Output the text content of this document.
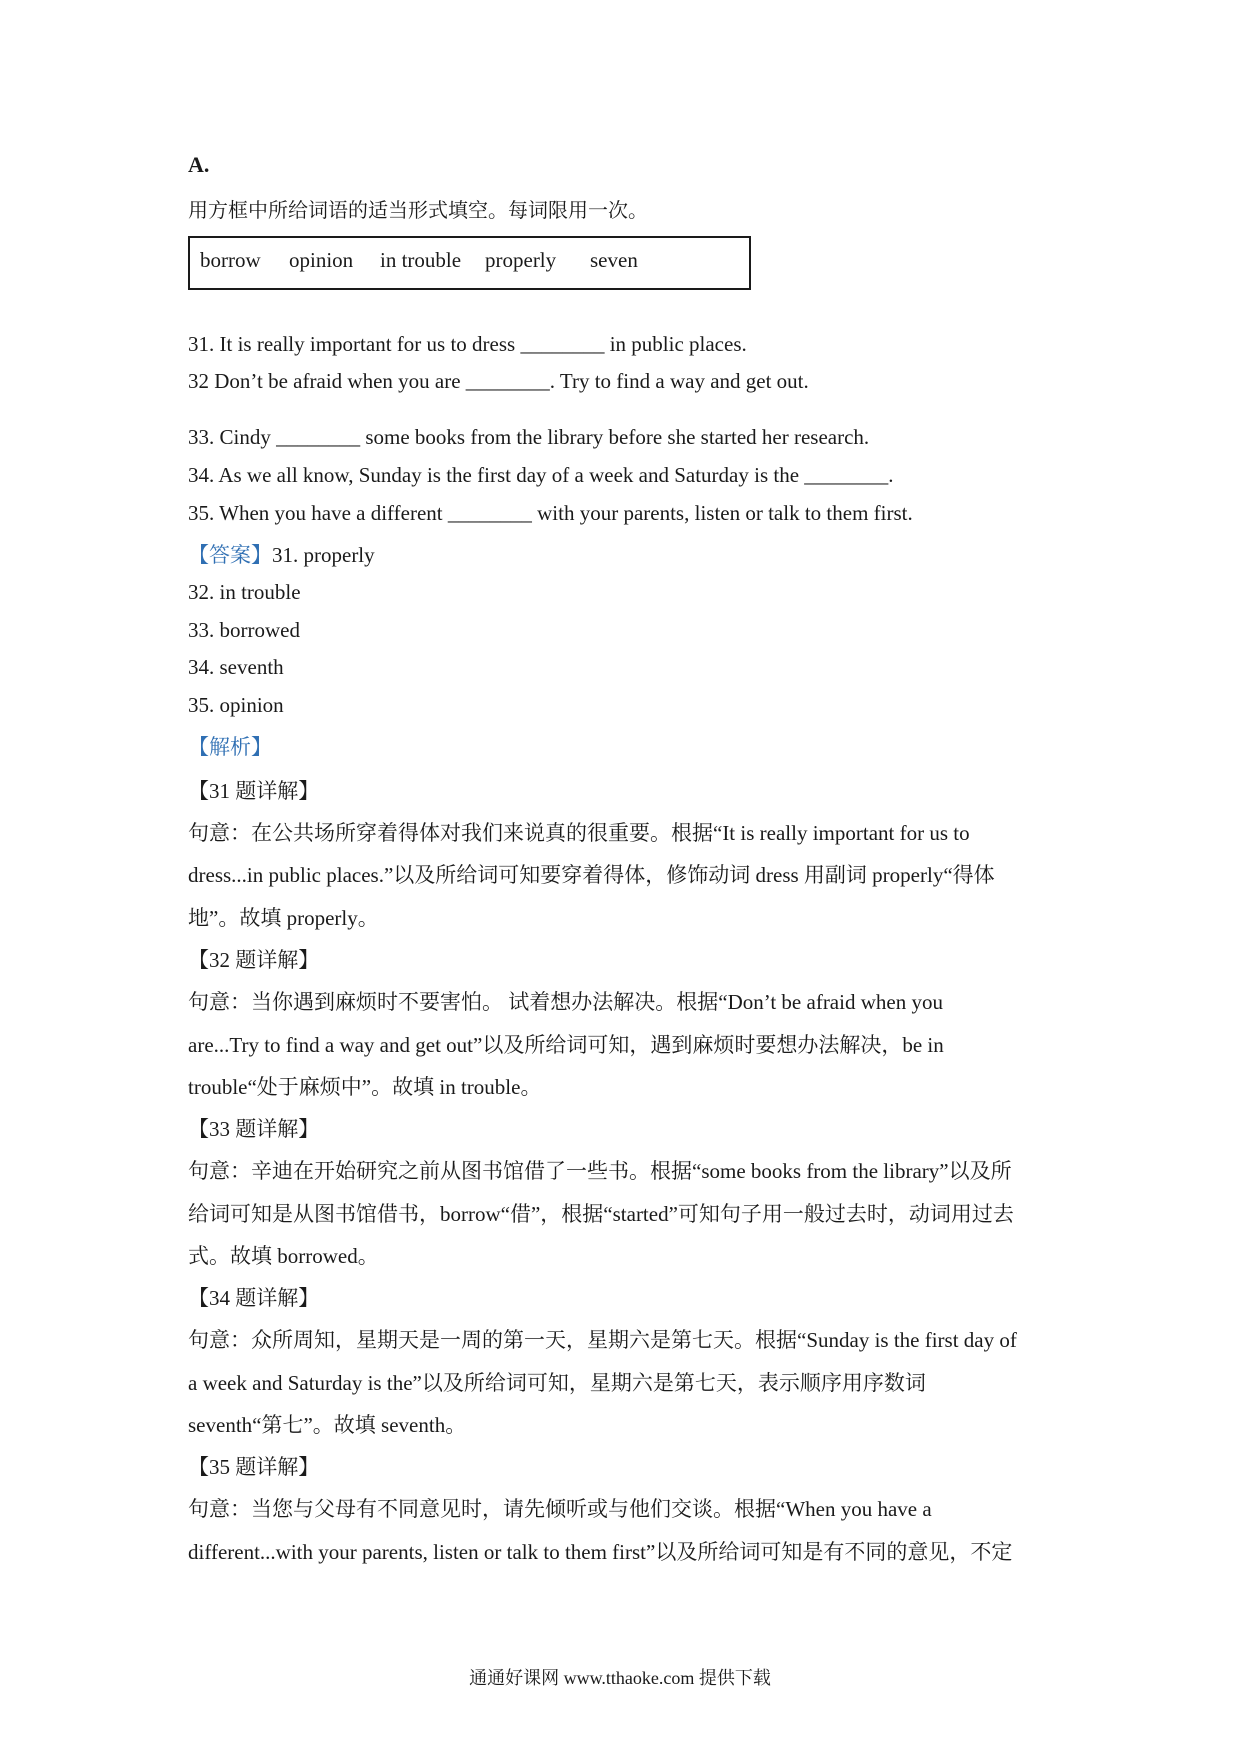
A.
用方框中所给词语的适当形式填空。每词限用一次。
borrow opinion in trouble properly seven
31. It is really important for us to dress ________ in public places.
32 Don’t be afraid when you are ________. Try to find a way and get out.
33. Cindy ________ some books from the library before she started her research.
34. As we all know, Sunday is the first day of a week and Saturday is the ________.
35. When you have a different ________ with your parents, listen or talk to them first.
【答案】31. properly
32. in trouble
33. borrowed
34. seventh
35. opinion
【解析】
【31 题详解】
句意：在公共场所穿着得体对我们来说真的很重要。根据“It is really important for us to
dress...in public places.”以及所给词可知要穿着得体，修饰动词 dress 用副词 properly“得体
地”。故填 properly。
【32 题详解】
句意：当你遇到麻烦时不要害怕。 试着想办法解决。根据“Don’t be afraid when you
are...Try to find a way and get out”以及所给词可知，遇到麻烦时要想办法解决，be in
trouble“处于麻烦中”。故填 in trouble。
【33 题详解】
句意：辛迪在开始研究之前从图书馆借了一些书。根据“some books from the library”以及所
给词可知是从图书馆借书，borrow“借”，根据“started”可知句子用一般过去时，动词用过去
式。故填 borrowed。
【34 题详解】
句意：众所周知，星期天是一周的第一天，星期六是第七天。根据“Sunday is the first day of
a week and Saturday is the”以及所给词可知，星期六是第七天，表示顺序用序数词
seventh“第七”。故填 seventh。
【35 题详解】
句意：当您与父母有不同意见时，请先倾听或与他们交谈。根据“When you have a
different...with your parents, listen or talk to them first”以及所给词可知是有不同的意见，不定
通通好课网 www.tthaoke.com 提供下载
